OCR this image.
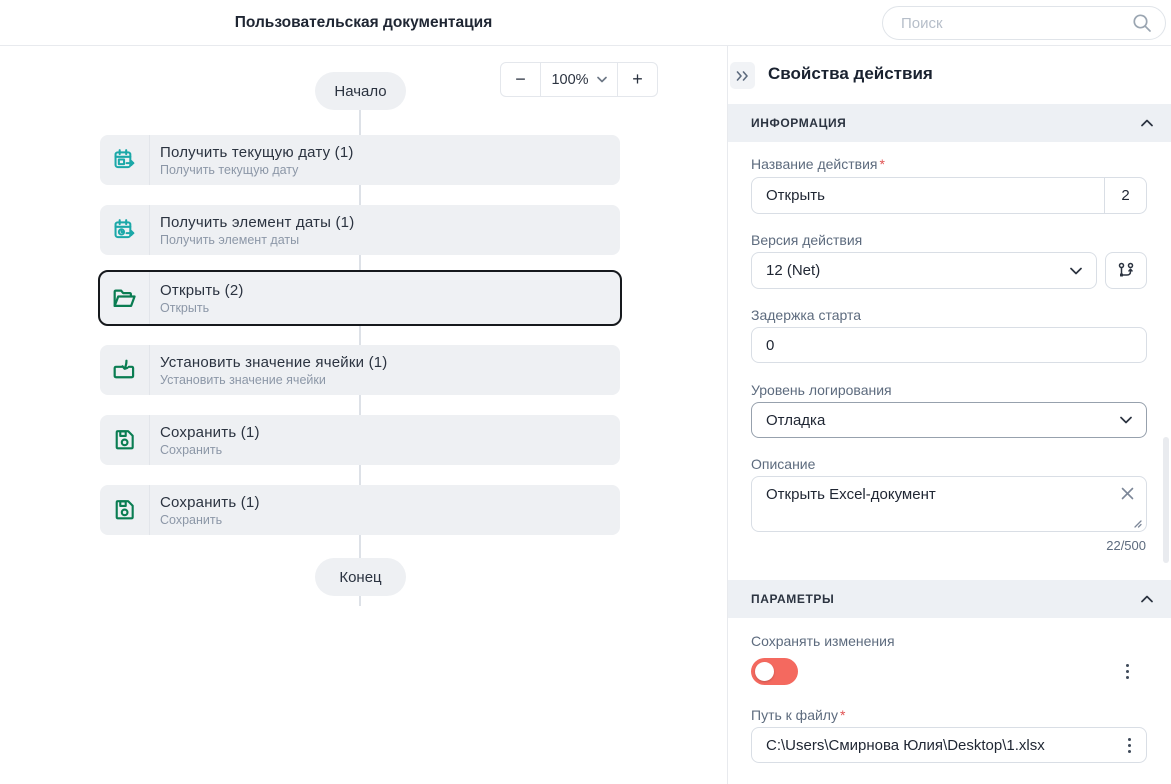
Пользовательская документация
Поиск
−	100%	+
Начало
Получить текущую дату (1)
Получить текущую дату
Получить элемент даты (1)
Получить элемент даты
Открыть (2)
Открыть
Установить значение ячейки (1)
Установить значение ячейки
Сохранить (1)
Сохранить
Сохранить (1)
Сохранить
Конец
Свойства действия
ИНФОРМАЦИЯ
Название действия *
Открыть
2
Версия действия
12 (Net)
Задержка старта
0
Уровень логирования
Отладка
Описание
Открыть Excel-документ
22/500
ПАРАМЕТРЫ
Сохранять изменения
Путь к файлу *
C:\Users\Смирнова Юлия\Desktop\1.xlsx
